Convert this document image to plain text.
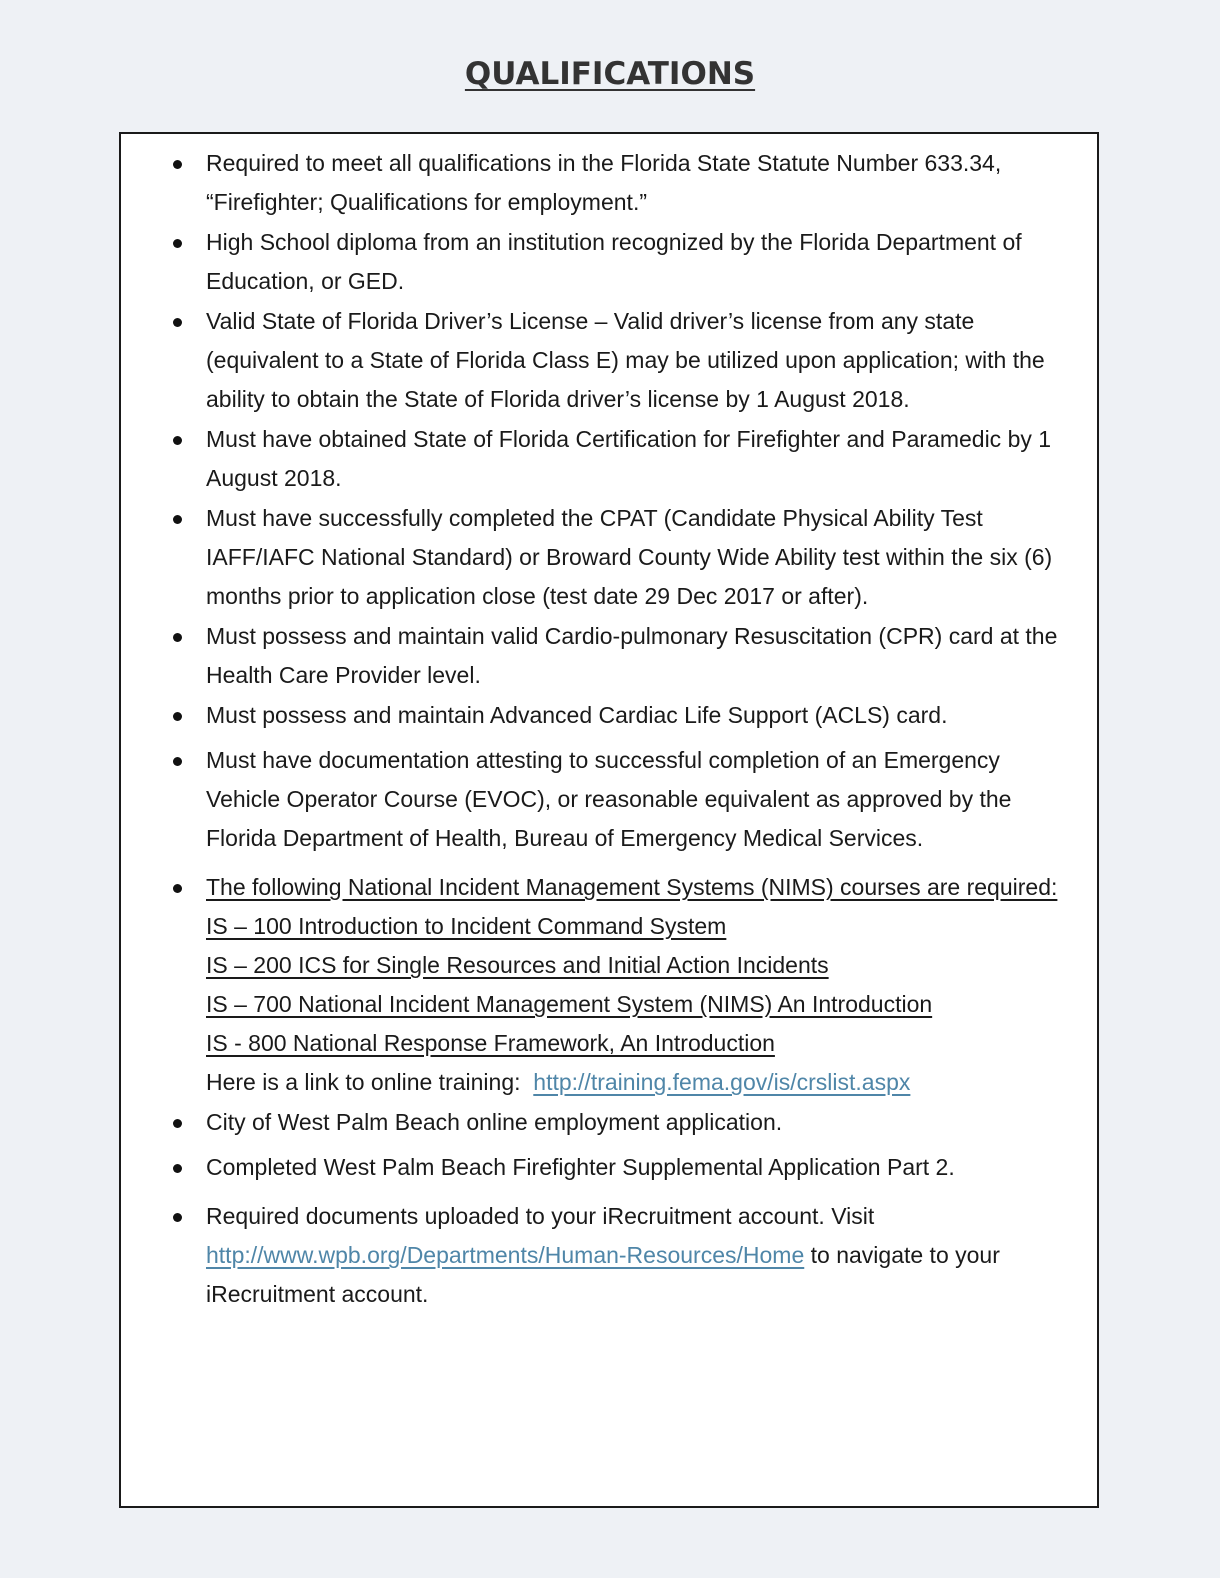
QUALIFICATIONS
Required to meet all qualifications in the Florida State Statute Number 633.34, “Firefighter; Qualifications for employment.”
High School diploma from an institution recognized by the Florida Department of Education, or GED.
Valid State of Florida Driver’s License – Valid driver’s license from any state (equivalent to a State of Florida Class E) may be utilized upon application; with the ability to obtain the State of Florida driver’s license by 1 August 2018.
Must have obtained State of Florida Certification for Firefighter and Paramedic by 1 August 2018.
Must have successfully completed the CPAT (Candidate Physical Ability Test IAFF/IAFC National Standard) or Broward County Wide Ability test within the six (6) months prior to application close (test date 29 Dec 2017 or after).
Must possess and maintain valid Cardio-pulmonary Resuscitation (CPR) card at the Health Care Provider level.
Must possess and maintain Advanced Cardiac Life Support (ACLS) card.
Must have documentation attesting to successful completion of an Emergency Vehicle Operator Course (EVOC), or reasonable equivalent as approved by the Florida Department of Health, Bureau of Emergency Medical Services.
The following National Incident Management Systems (NIMS) courses are required:
IS – 100 Introduction to Incident Command System
IS – 200 ICS for Single Resources and Initial Action Incidents
IS – 700 National Incident Management System (NIMS) An Introduction
IS - 800 National Response Framework, An Introduction
Here is a link to online training: http://training.fema.gov/is/crslist.aspx
City of West Palm Beach online employment application.
Completed West Palm Beach Firefighter Supplemental Application Part 2.
Required documents uploaded to your iRecruitment account. Visit http://www.wpb.org/Departments/Human-Resources/Home to navigate to your iRecruitment account.
